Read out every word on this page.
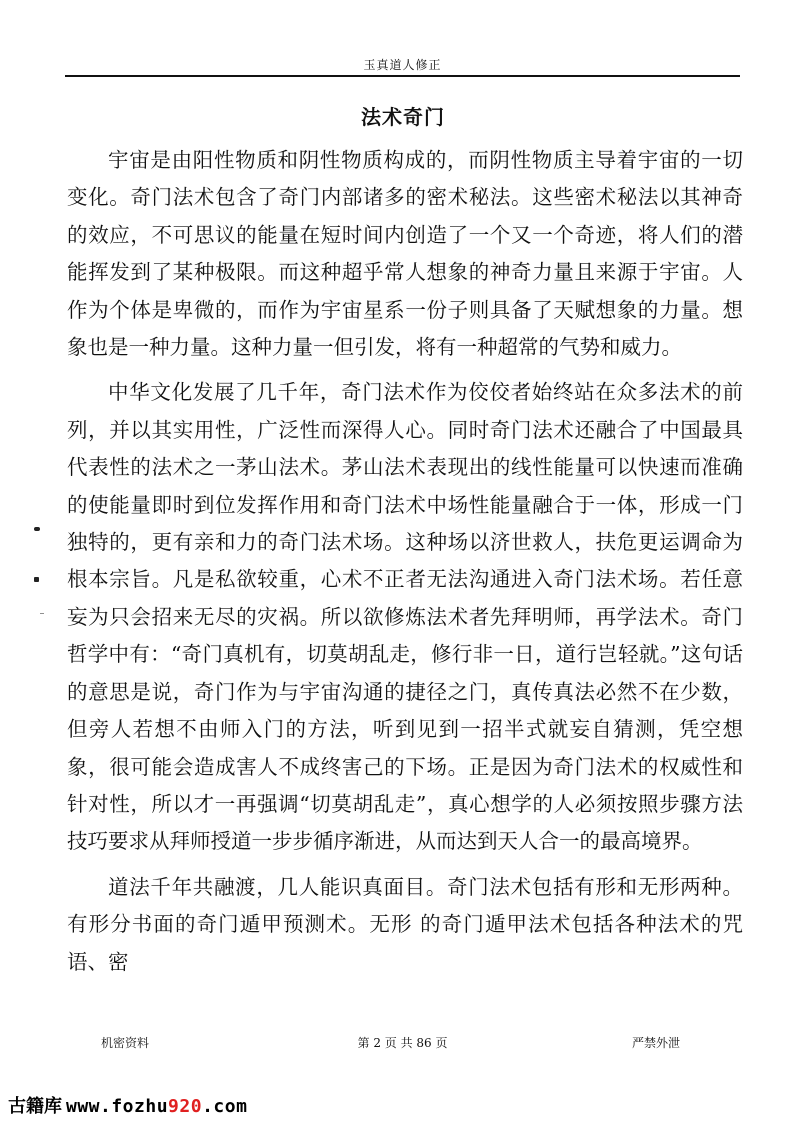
玉真道人修正
法术奇门

宇宙是由阳性物质和阴性物质构成的，而阴性物质主导着宇宙的一切变化。奇门法术包含了奇门内部诸多的密术秘法。这些密术秘法以其神奇的效应，不可思议的能量在短时间内创造了一个又一个奇迹，将人们的潜能挥发到了某种极限。而这种超乎常人想象的神奇力量且来源于宇宙。人作为个体是卑微的，而作为宇宙星系一份子则具备了天赋想象的力量。想象也是一种力量。这种力量一但引发，将有一种超常的气势和威力。

中华文化发展了几千年，奇门法术作为佼佼者始终站在众多法术的前列，并以其实用性，广泛性而深得人心。同时奇门法术还融合了中国最具代表性的法术之一茅山法术。茅山法术表现出的线性能量可以快速而准确的使能量即时到位发挥作用和奇门法术中场性能量融合于一体，形成一门独特的，更有亲和力的奇门法术场。这种场以济世救人，扶危更运调命为根本宗旨。凡是私欲较重，心术不正者无法沟通进入奇门法术场。若任意妄为只会招来无尽的灾祸。所以欲修炼法术者先拜明师，再学法术。奇门哲学中有：“奇门真机有，切莫胡乱走，修行非一日，道行岂轻就。”这句话的意思是说，奇门作为与宇宙沟通的捷径之门，真传真法必然不在少数，但旁人若想不由师入门的方法，听到见到一招半式就妄自猜测，凭空想象，很可能会造成害人不成终害己的下场。正是因为奇门法术的权威性和针对性，所以才一再强调“切莫胡乱走”，真心想学的人必须按照步骤方法技巧要求从拜师授道一步步循序渐进，从而达到天人合一的最高境界。

道法千年共融渡，几人能识真面目。奇门法术包括有形和无形两种。有形分书面的奇门遁甲预测术。无形 的奇门遁甲法术包括各种法术的咒语、密

机密资料	第 2 页 共 86 页	严禁外泄
古籍库 www.fozhu920.com
